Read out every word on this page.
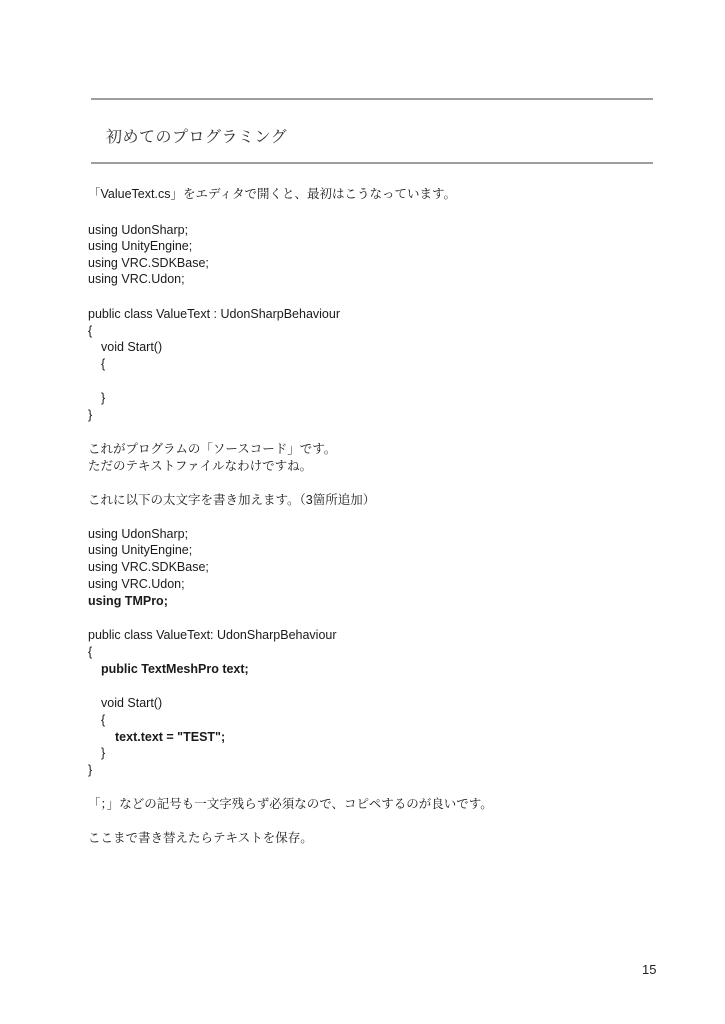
初めてのプログラミング
「ValueText.cs」をエディタで開くと、最初はこうなっています。
using UdonSharp;
using UnityEngine;
using VRC.SDKBase;
using VRC.Udon;
public class ValueText : UdonSharpBehaviour
{
void Start()
{
}
}
これがプログラムの「ソースコード」です。
ただのテキストファイルなわけですね。
これに以下の太文字を書き加えます。（3箇所追加）
using UdonSharp;
using UnityEngine;
using VRC.SDKBase;
using VRC.Udon;
using TMPro;
public class ValueText: UdonSharpBehaviour
{
public TextMeshPro text;
void Start()
{
text.text = "TEST";
}
}
「；」などの記号も一文字残らず必須なので、コピペするのが良いです。
ここまで書き替えたらテキストを保存。
15
